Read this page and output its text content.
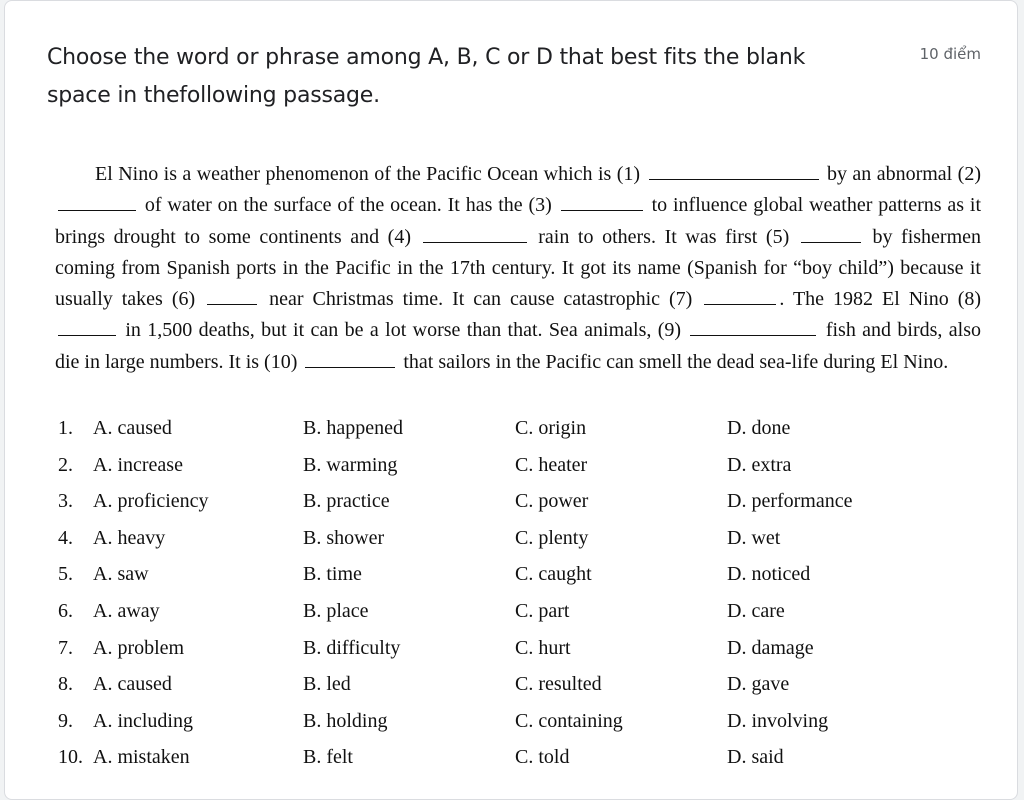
Choose the word or phrase among A, B, C or D that best fits the blank space in thefollowing passage.
10 điểm
El Nino is a weather phenomenon of the Pacific Ocean which is (1)	by an abnormal (2)  of water on the surface of the ocean. It has the (3)	to influence global weather patterns as it brings drought to some continents and (4)	rain to others. It was first (5)	by fishermen coming from Spanish ports in the Pacific in the 17th century. It got its name (Spanish for “boy child”) because it usually takes (6)	near Christmas time. It can cause catastrophic (7)	. The 1982 El Nino (8)  in 1,500 deaths, but it can be a lot worse than that. Sea animals, (9)	fish and birds, also die in large numbers. It is (10)	that sailors in the Pacific can smell the dead sea-life during El Nino.
1. A. caused	B. happened	C. origin	D. done
2. A. increase	B. warming	C. heater	D. extra
3. A. proficiency	B. practice	C. power	D. performance
4. A. heavy	B. shower	C. plenty	D. wet
5. A. saw	B. time	C. caught	D. noticed
6. A. away	B. place	C. part	D. care
7. A. problem	B. difficulty	C. hurt	D. damage
8. A. caused	B. led	C. resulted	D. gave
9. A. including	B. holding	C. containing	D. involving
10. A. mistaken	B. felt	C. told	D. said
